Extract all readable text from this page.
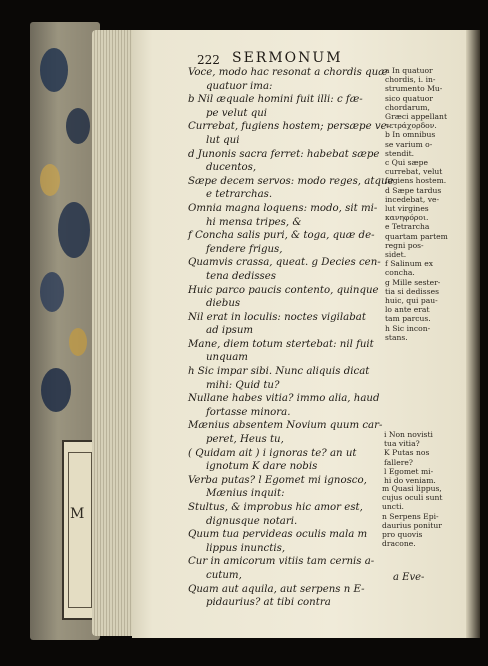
M
222 SERMONUM
Voce, modo hac resonat a chordis quæ
quatuor ima:
b Nil æquale homini fuit illi: c fæ-
pe velut qui
Currebat, fugiens hostem; persæpe ve-
lut qui
d Junonis sacra ferret: habebat sæpe
ducentos,
Sæpe decem servos: modo reges, atque
e tetrarchas.
Omnia magna loquens: modo, sit mi-
hi mensa tripes, &
f Concha salis puri, & toga, quæ de-
fendere frigus,
Quamvis crassa, queat. g Decies cen-
tena dedisses
Huic parco paucis contento, quinque
diebus
Nil erat in loculis: noctes vigilabat
ad ipsum
Mane, diem totum stertebat: nil fuit
unquam
h Sic impar sibi. Nunc aliquis dicat
mihi: Quid tu?
Nullane habes vitia? immo alia, haud
fortasse minora.
Mænius absentem Novium quum car-
peret, Heus tu,
( Quidam ait ) i ignoras te? an ut
ignotum K dare nobis
Verba putas? l Egomet mi ignosco,
Mænius inquit:
Stultus, & improbus hic amor est,
dignusque notari.
Quum tua pervideas oculis mala m
lippus inunctis,
Cur in amicorum vitiis tam cernis a-
cutum,
Quam aut aquila, aut serpens n E-
pidaurius? at tibi contra
a In quatuor
chordis, i. in-
strumento Mu-
sico quatuor
chordarum,
Græci appellant
τετράχορδον.
b In omnibus
se varium o-
stendit.
c Qui sæpe
currebat, velut
fugiens hostem.
d Sæpe tardus
incedebat, ve-
lut virgines
κανηφόροι.
e Tetrarcha
quartam partem
regni pos-
sidet.
f Salinum ex
concha.
g Mille sester-
tia si dedisses
huic, qui pau-
lo ante erat
tam parcus.
h Sic incon-
stans.
i Non novisti
tua vitia?
K Putas nos
fallere?
l Egomet mi-
hi do veniam.
m Quasi lippus,
cujus oculi sunt
uncti.
n Serpens Epi-
daurius ponitur
pro quovis
dracone.
a Eve-
